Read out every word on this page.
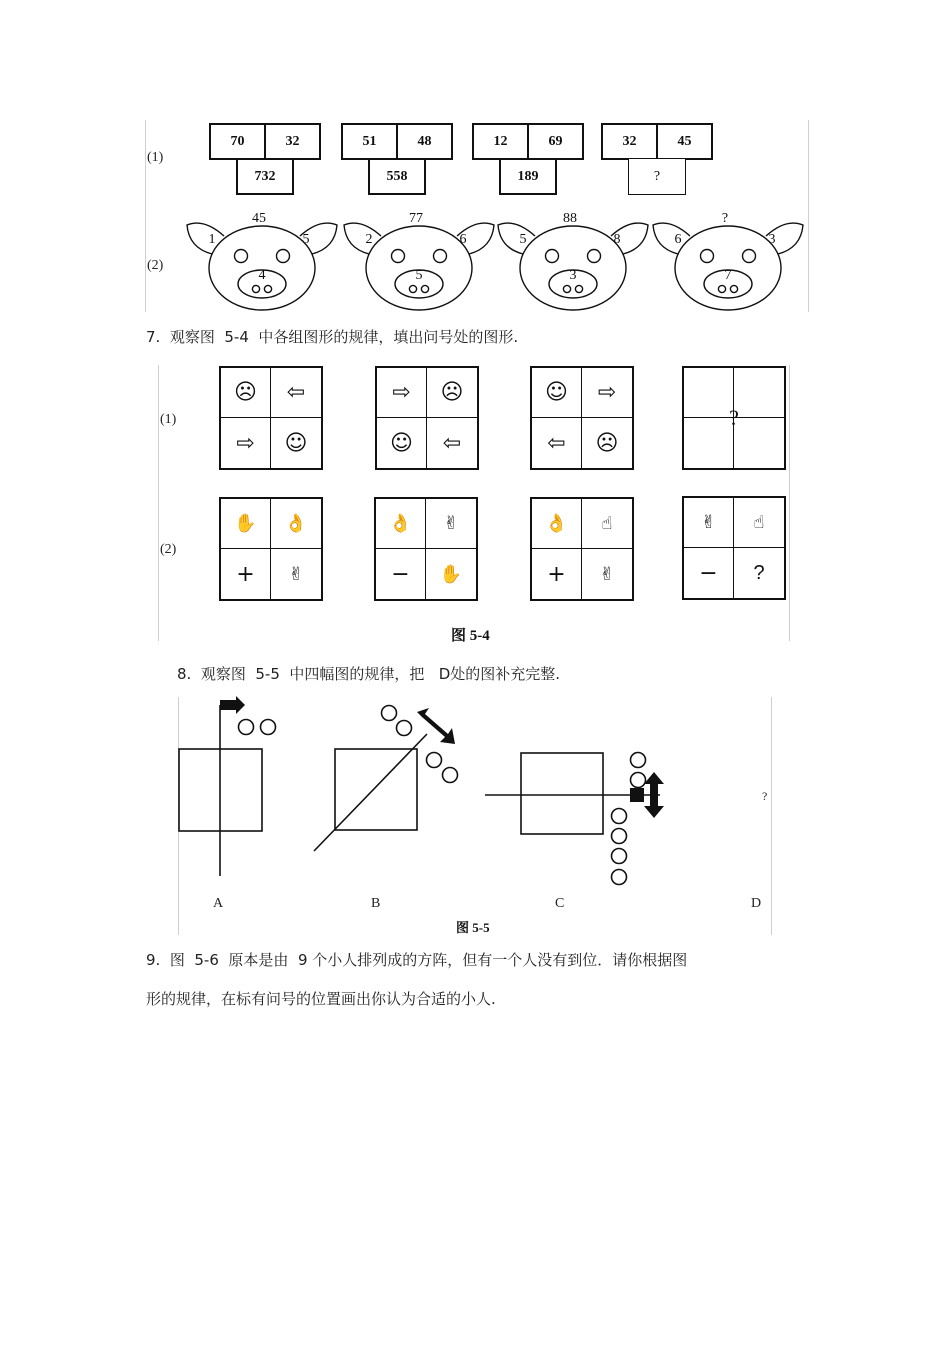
(1)
(2)
70	32
732
51	48
558
12	69
189
32	45
?
45
1	5
4
77
2	6
5
88
5	8
3
?
6	3
7
7.  观察图  5-4  中各组图形的规律，填出问号处的图形.
(1)
(2)
☹	⇦
⇨	☺
⇨	☹
☺	⇦
☺	⇨
⇦	☹
?
✋	👌
+	✌
👌	✌
−	✋
👌	☝
+	✌
✌	☝
−	?
图 5-4
8.  观察图  5-5  中四幅图的规律，把   D处的图补充完整.
A	B	C	D
?
图 5-5
9.  图  5-6  原本是由  9 个小人排列成的方阵，但有一个人没有到位．请你根据图
形的规律，在标有问号的位置画出你认为合适的小人.
